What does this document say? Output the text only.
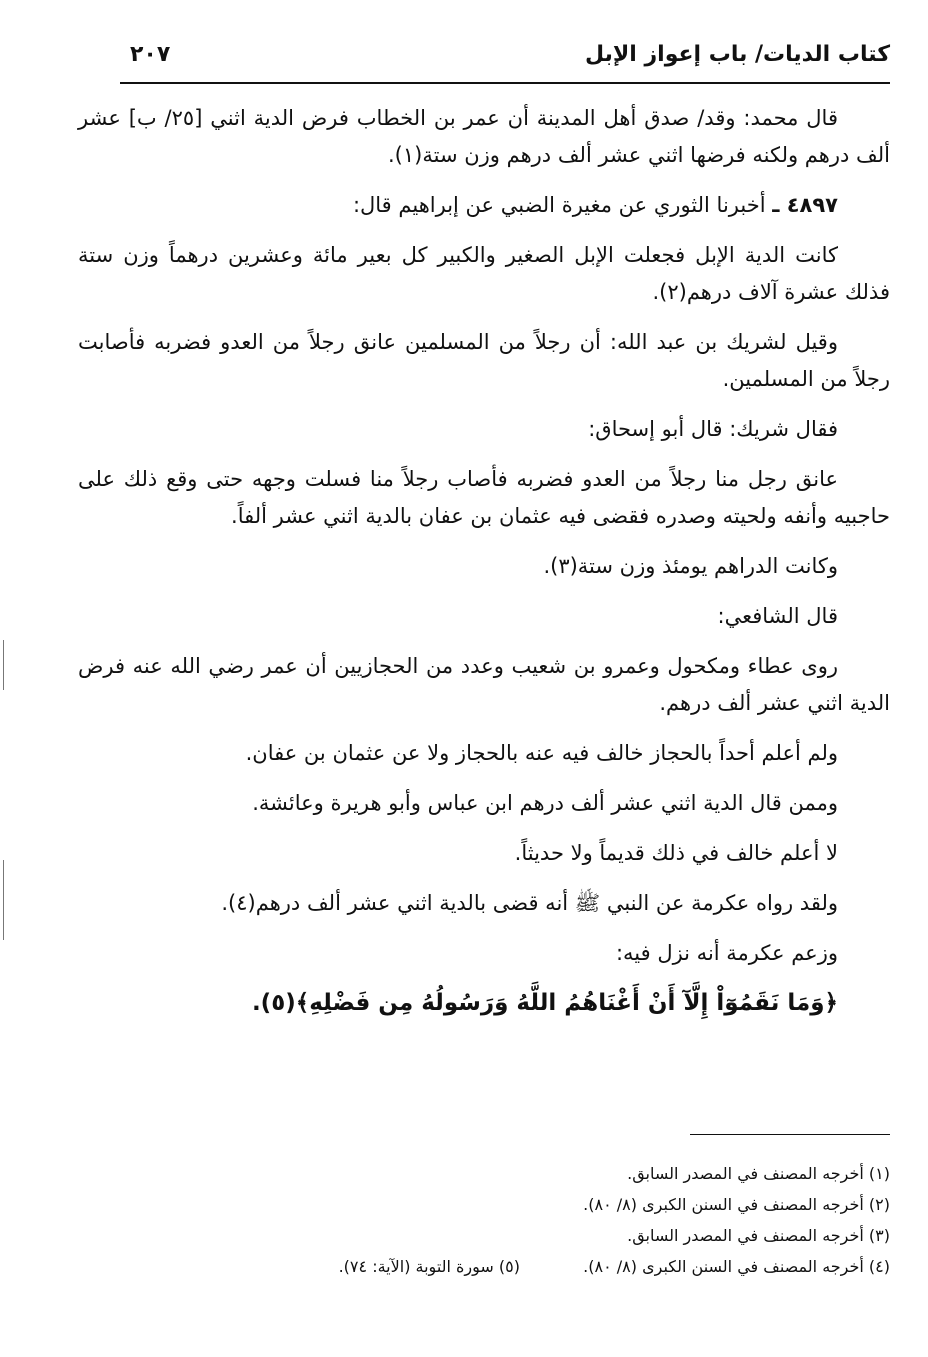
كتاب الديات/ باب إعواز الإبل
٢٠٧

قال محمد: وقد/ صدق أهل المدينة أن عمر بن الخطاب فرض الدية اثني [٢٥/ ب] عشر ألف درهم ولكنه فرضها اثني عشر ألف درهم وزن ستة(١).

٤٨٩٧ ـ أخبرنا الثوري عن مغيرة الضبي عن إبراهيم قال:

كانت الدية الإبل فجعلت الإبل الصغير والكبير كل بعير مائة وعشرين درهماً وزن ستة فذلك عشرة آلاف درهم(٢).

وقيل لشريك بن عبد الله: أن رجلاً من المسلمين عانق رجلاً من العدو فضربه فأصابت رجلاً من المسلمين.

فقال شريك: قال أبو إسحاق:

عانق رجل منا رجلاً من العدو فضربه فأصاب رجلاً منا فسلت وجهه حتى وقع ذلك على حاجبيه وأنفه ولحيته وصدره فقضى فيه عثمان بن عفان بالدية اثني عشر ألفاً.

وكانت الدراهم يومئذ وزن ستة(٣).

قال الشافعي:

روى عطاء ومكحول وعمرو بن شعيب وعدد من الحجازيين أن عمر رضي الله عنه فرض الدية اثني عشر ألف درهم.

ولم أعلم أحداً بالحجاز خالف فيه عنه بالحجاز ولا عن عثمان بن عفان.

وممن قال الدية اثني عشر ألف درهم ابن عباس وأبو هريرة وعائشة.

لا أعلم خالف في ذلك قديماً ولا حديثاً.

ولقد رواه عكرمة عن النبي ﷺ أنه قضى بالدية اثني عشر ألف درهم(٤).

وزعم عكرمة أنه نزل فيه:

﴿وَمَا نَقَمُوٓاْ إِلَّآ أَنْ أَغْنَاهُمُ اللَّهُ وَرَسُولُهُ مِن فَضْلِهِ﴾(٥).

(١) أخرجه المصنف في المصدر السابق.
(٢) أخرجه المصنف في السنن الكبرى (٨/ ٨٠).
(٣) أخرجه المصنف في المصدر السابق.
(٤) أخرجه المصنف في السنن الكبرى (٨/ ٨٠).
(٥) سورة التوبة (الآية: ٧٤).
